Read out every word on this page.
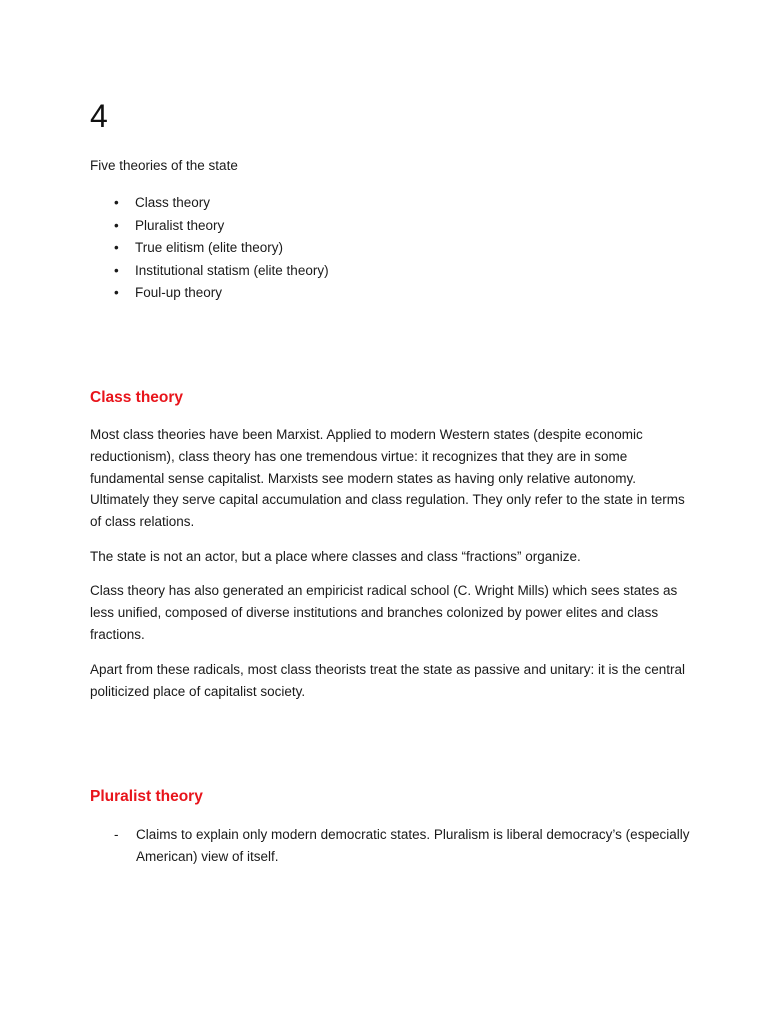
4
Five theories of the state
• Class theory
• Pluralist theory
• True elitism (elite theory)
• Institutional statism (elite theory)
• Foul-up theory
Class theory

Most class theories have been Marxist. Applied to modern Western states (despite economic reductionism), class theory has one tremendous virtue: it recognizes that they are in some fundamental sense capitalist. Marxists see modern states as having only relative autonomy. Ultimately they serve capital accumulation and class regulation. They only refer to the state in terms of class relations.

The state is not an actor, but a place where classes and class “fractions” organize.

Class theory has also generated an empiricist radical school (C. Wright Mills) which sees states as less unified, composed of diverse institutions and branches colonized by power elites and class fractions.

Apart from these radicals, most class theorists treat the state as passive and unitary: it is the central politicized place of capitalist society.

Pluralist theory
- Claims to explain only modern democratic states. Pluralism is liberal democracy’s (especially American) view of itself.
